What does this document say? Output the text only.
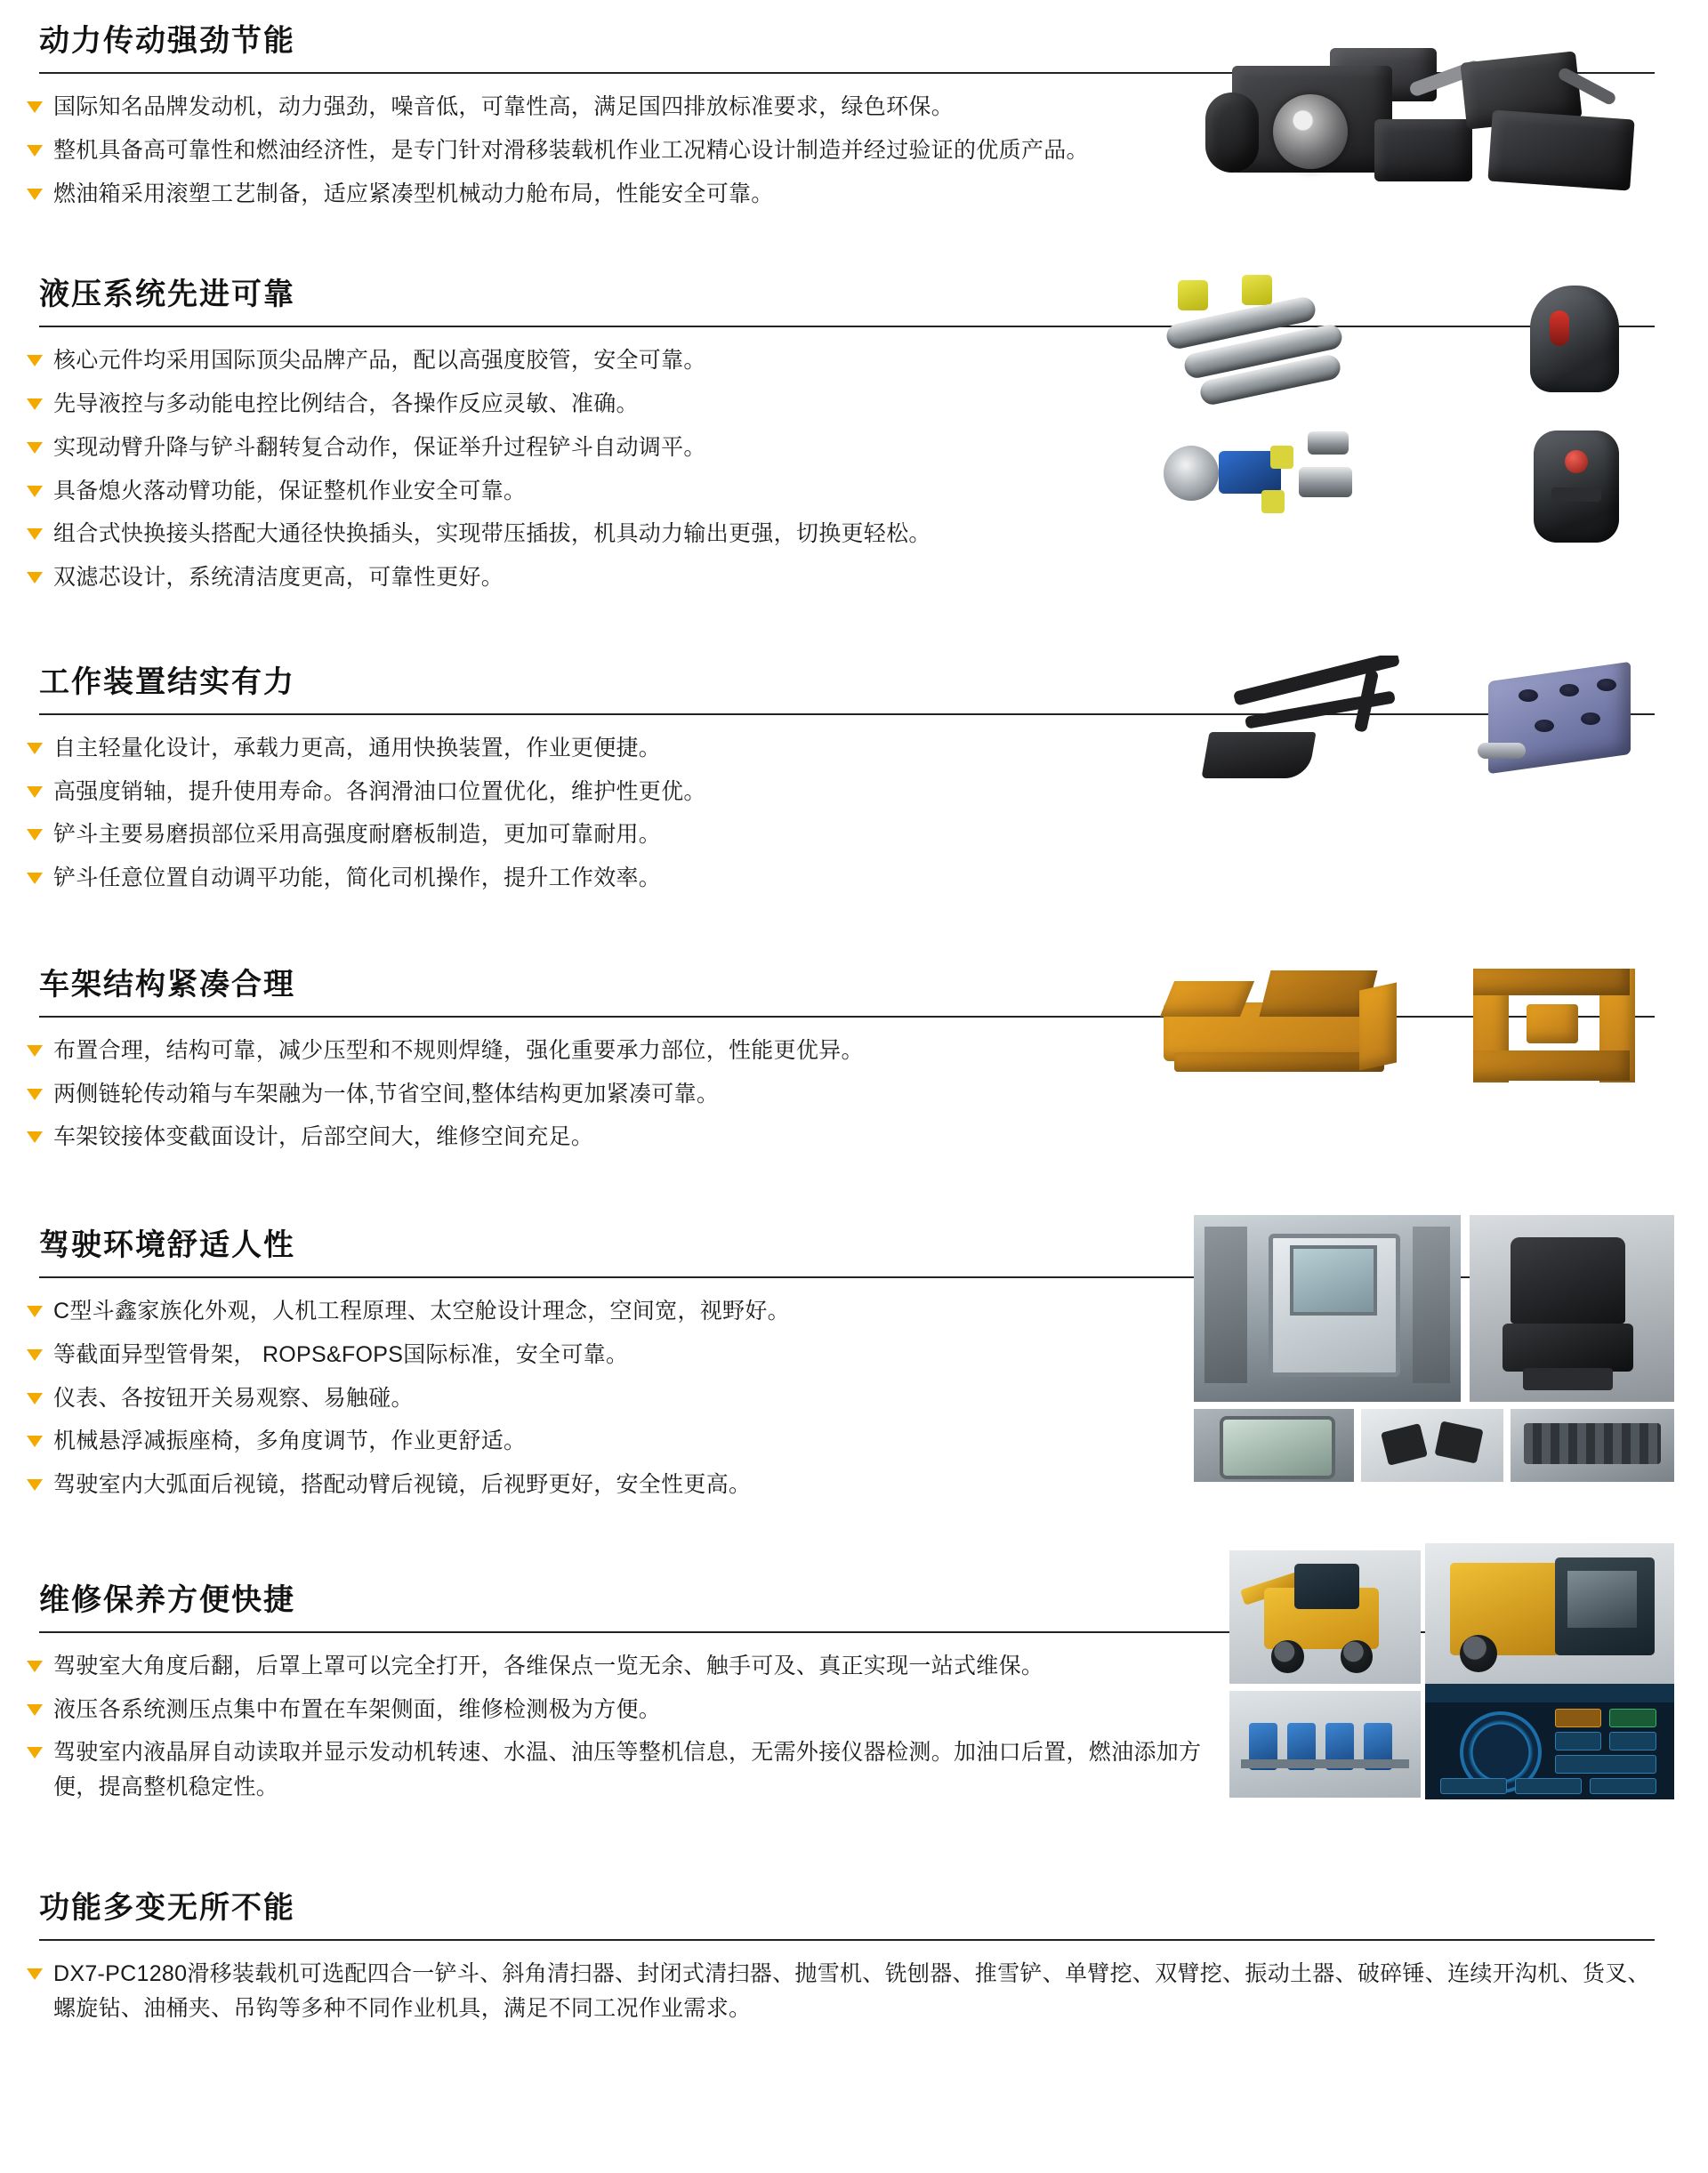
动力传动强劲节能
国际知名品牌发动机，动力强劲，噪音低，可靠性高，满足国四排放标准要求，绿色环保。
整机具备高可靠性和燃油经济性，是专门针对滑移装载机作业工况精心设计制造并经过验证的优质产品。
燃油箱采用滚塑工艺制备，适应紧凑型机械动力舱布局，性能安全可靠。
液压系统先进可靠
核心元件均采用国际顶尖品牌产品，配以高强度胶管，安全可靠。
先导液控与多动能电控比例结合，各操作反应灵敏、准确。
实现动臂升降与铲斗翻转复合动作，保证举升过程铲斗自动调平。
具备熄火落动臂功能，保证整机作业安全可靠。
组合式快换接头搭配大通径快换插头，实现带压插拔，机具动力输出更强，切换更轻松。
双滤芯设计，系统清洁度更高，可靠性更好。
工作装置结实有力
自主轻量化设计，承载力更高，通用快换装置，作业更便捷。
高强度销轴，提升使用寿命。各润滑油口位置优化，维护性更优。
铲斗主要易磨损部位采用高强度耐磨板制造，更加可靠耐用。
铲斗任意位置自动调平功能，简化司机操作，提升工作效率。
车架结构紧凑合理
布置合理，结构可靠，减少压型和不规则焊缝，强化重要承力部位，性能更优异。
两侧链轮传动箱与车架融为一体,节省空间,整体结构更加紧凑可靠。
车架铰接体变截面设计，后部空间大，维修空间充足。
驾驶环境舒适人性
C型斗鑫家族化外观，人机工程原理、太空舱设计理念，空间宽，视野好。
等截面异型管骨架， ROPS&FOPS国际标准，安全可靠。
仪表、各按钮开关易观察、易触碰。
机械悬浮减振座椅，多角度调节，作业更舒适。
驾驶室内大弧面后视镜，搭配动臂后视镜，后视野更好，安全性更高。
维修保养方便快捷
驾驶室大角度后翻，后罩上罩可以完全打开，各维保点一览无余、触手可及、真正实现一站式维保。
液压各系统测压点集中布置在车架侧面，维修检测极为方便。
驾驶室内液晶屏自动读取并显示发动机转速、水温、油压等整机信息，无需外接仪器检测。加油口后置，燃油添加方便，提高整机稳定性。
功能多变无所不能
DX7-PC1280滑移装载机可选配四合一铲斗、斜角清扫器、封闭式清扫器、抛雪机、铣刨器、推雪铲、单臂挖、双臂挖、振动土器、破碎锤、连续开沟机、货叉、螺旋钻、油桶夹、吊钩等多种不同作业机具，满足不同工况作业需求。
